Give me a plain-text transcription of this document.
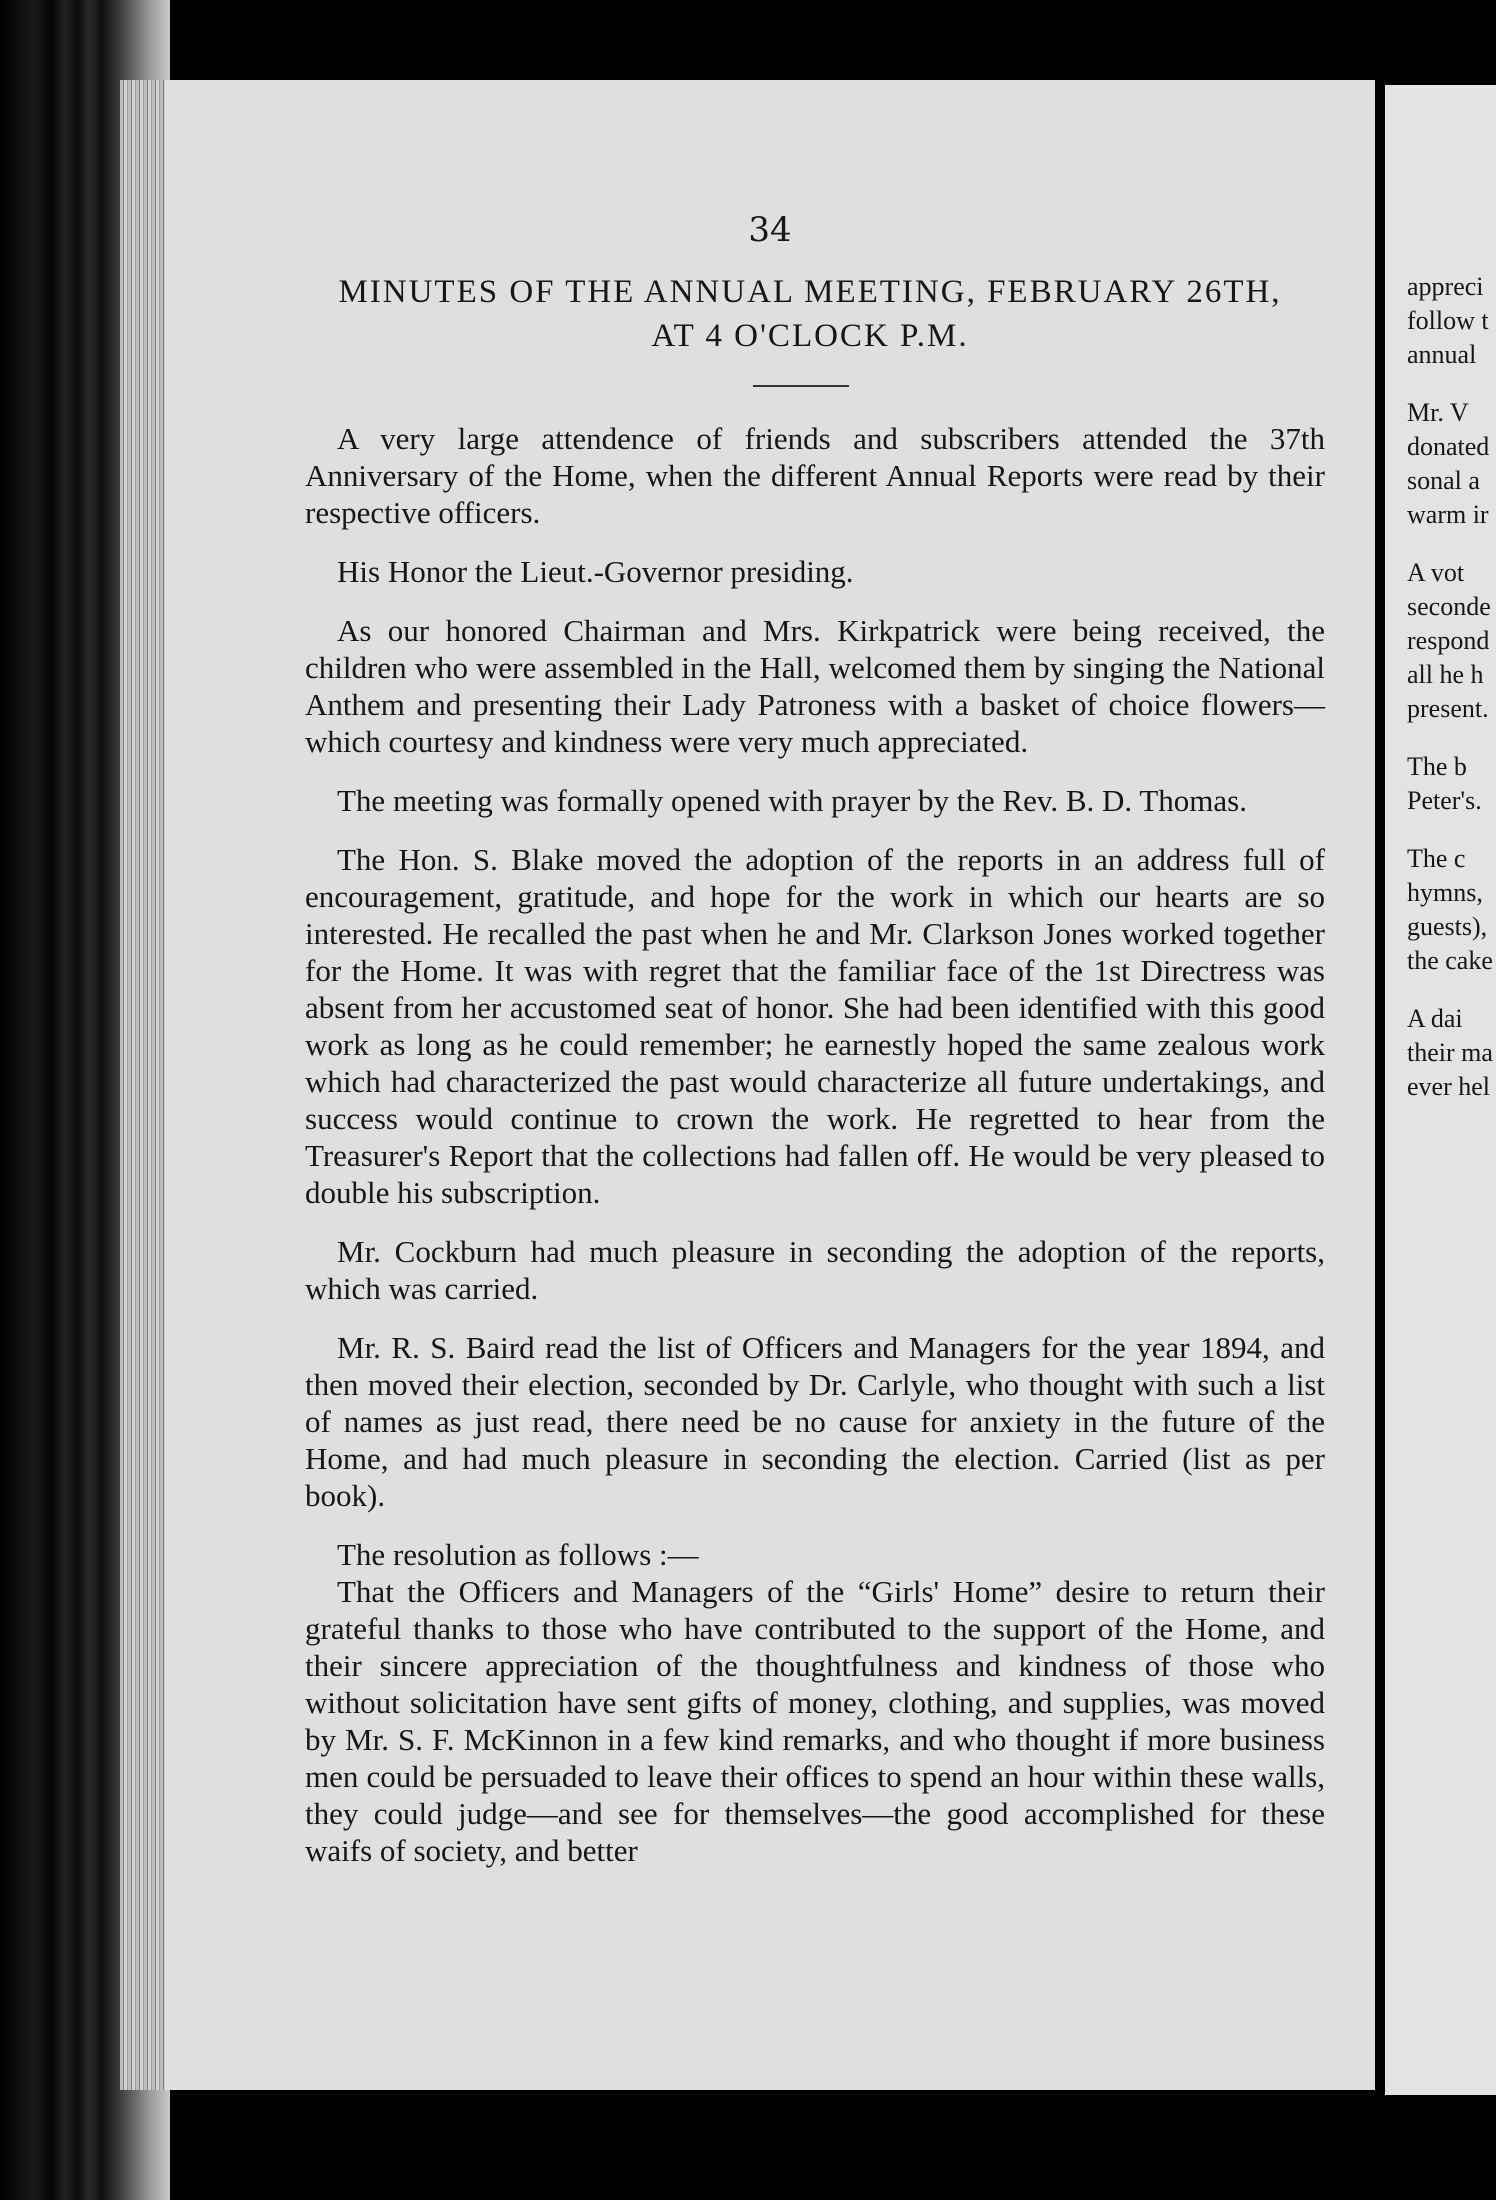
34
MINUTES OF THE ANNUAL MEETING, FEBRUARY 26TH,
AT 4 O'CLOCK P.M.

A very large attendence of friends and subscribers attended the 37th Anniversary of the Home, when the different Annual Reports were read by their respective officers.

His Honor the Lieut.-Governor presiding.

As our honored Chairman and Mrs. Kirkpatrick were being received, the children who were assembled in the Hall, welcomed them by singing the National Anthem and presenting their Lady Patroness with a basket of choice flowers—which courtesy and kindness were very much appreciated.

The meeting was formally opened with prayer by the Rev. B. D. Thomas.

The Hon. S. Blake moved the adoption of the reports in an address full of encouragement, gratitude, and hope for the work in which our hearts are so interested. He recalled the past when he and Mr. Clarkson Jones worked together for the Home. It was with regret that the familiar face of the 1st Directress was absent from her accustomed seat of honor. She had been identified with this good work as long as he could remember; he earnestly hoped the same zealous work which had characterized the past would characterize all future undertakings, and success would continue to crown the work. He regretted to hear from the Treasurer's Report that the collections had fallen off. He would be very pleased to double his subscription.

Mr. Cockburn had much pleasure in seconding the adoption of the reports, which was carried.

Mr. R. S. Baird read the list of Officers and Managers for the year 1894, and then moved their election, seconded by Dr. Carlyle, who thought with such a list of names as just read, there need be no cause for anxiety in the future of the Home, and had much pleasure in seconding the election. Carried (list as per book).

The resolution as follows :—

That the Officers and Managers of the “Girls' Home” desire to return their grateful thanks to those who have contributed to the support of the Home, and their sincere appreciation of the thoughtfulness and kindness of those who without solicitation have sent gifts of money, clothing, and supplies, was moved by Mr. S. F. McKinnon in a few kind remarks, and who thought if more business men could be persuaded to leave their offices to spend an hour within these walls, they could judge—and see for themselves—the good accomplished for these waifs of society, and better

appreci
follow t
annual
Mr. V
donated
sonal a
warm ir
A vot
seconde
respond
all he h
present.
The b
Peter's.
The c
hymns,
guests),
the cake
A dai
their ma
ever hel
